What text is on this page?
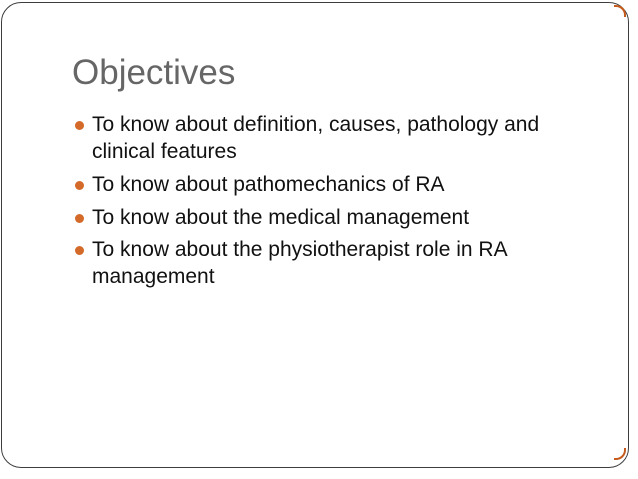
Objectives
To know about definition, causes, pathology and clinical features
To know about pathomechanics of RA
To know about the medical management
To know about the physiotherapist role in RA management
